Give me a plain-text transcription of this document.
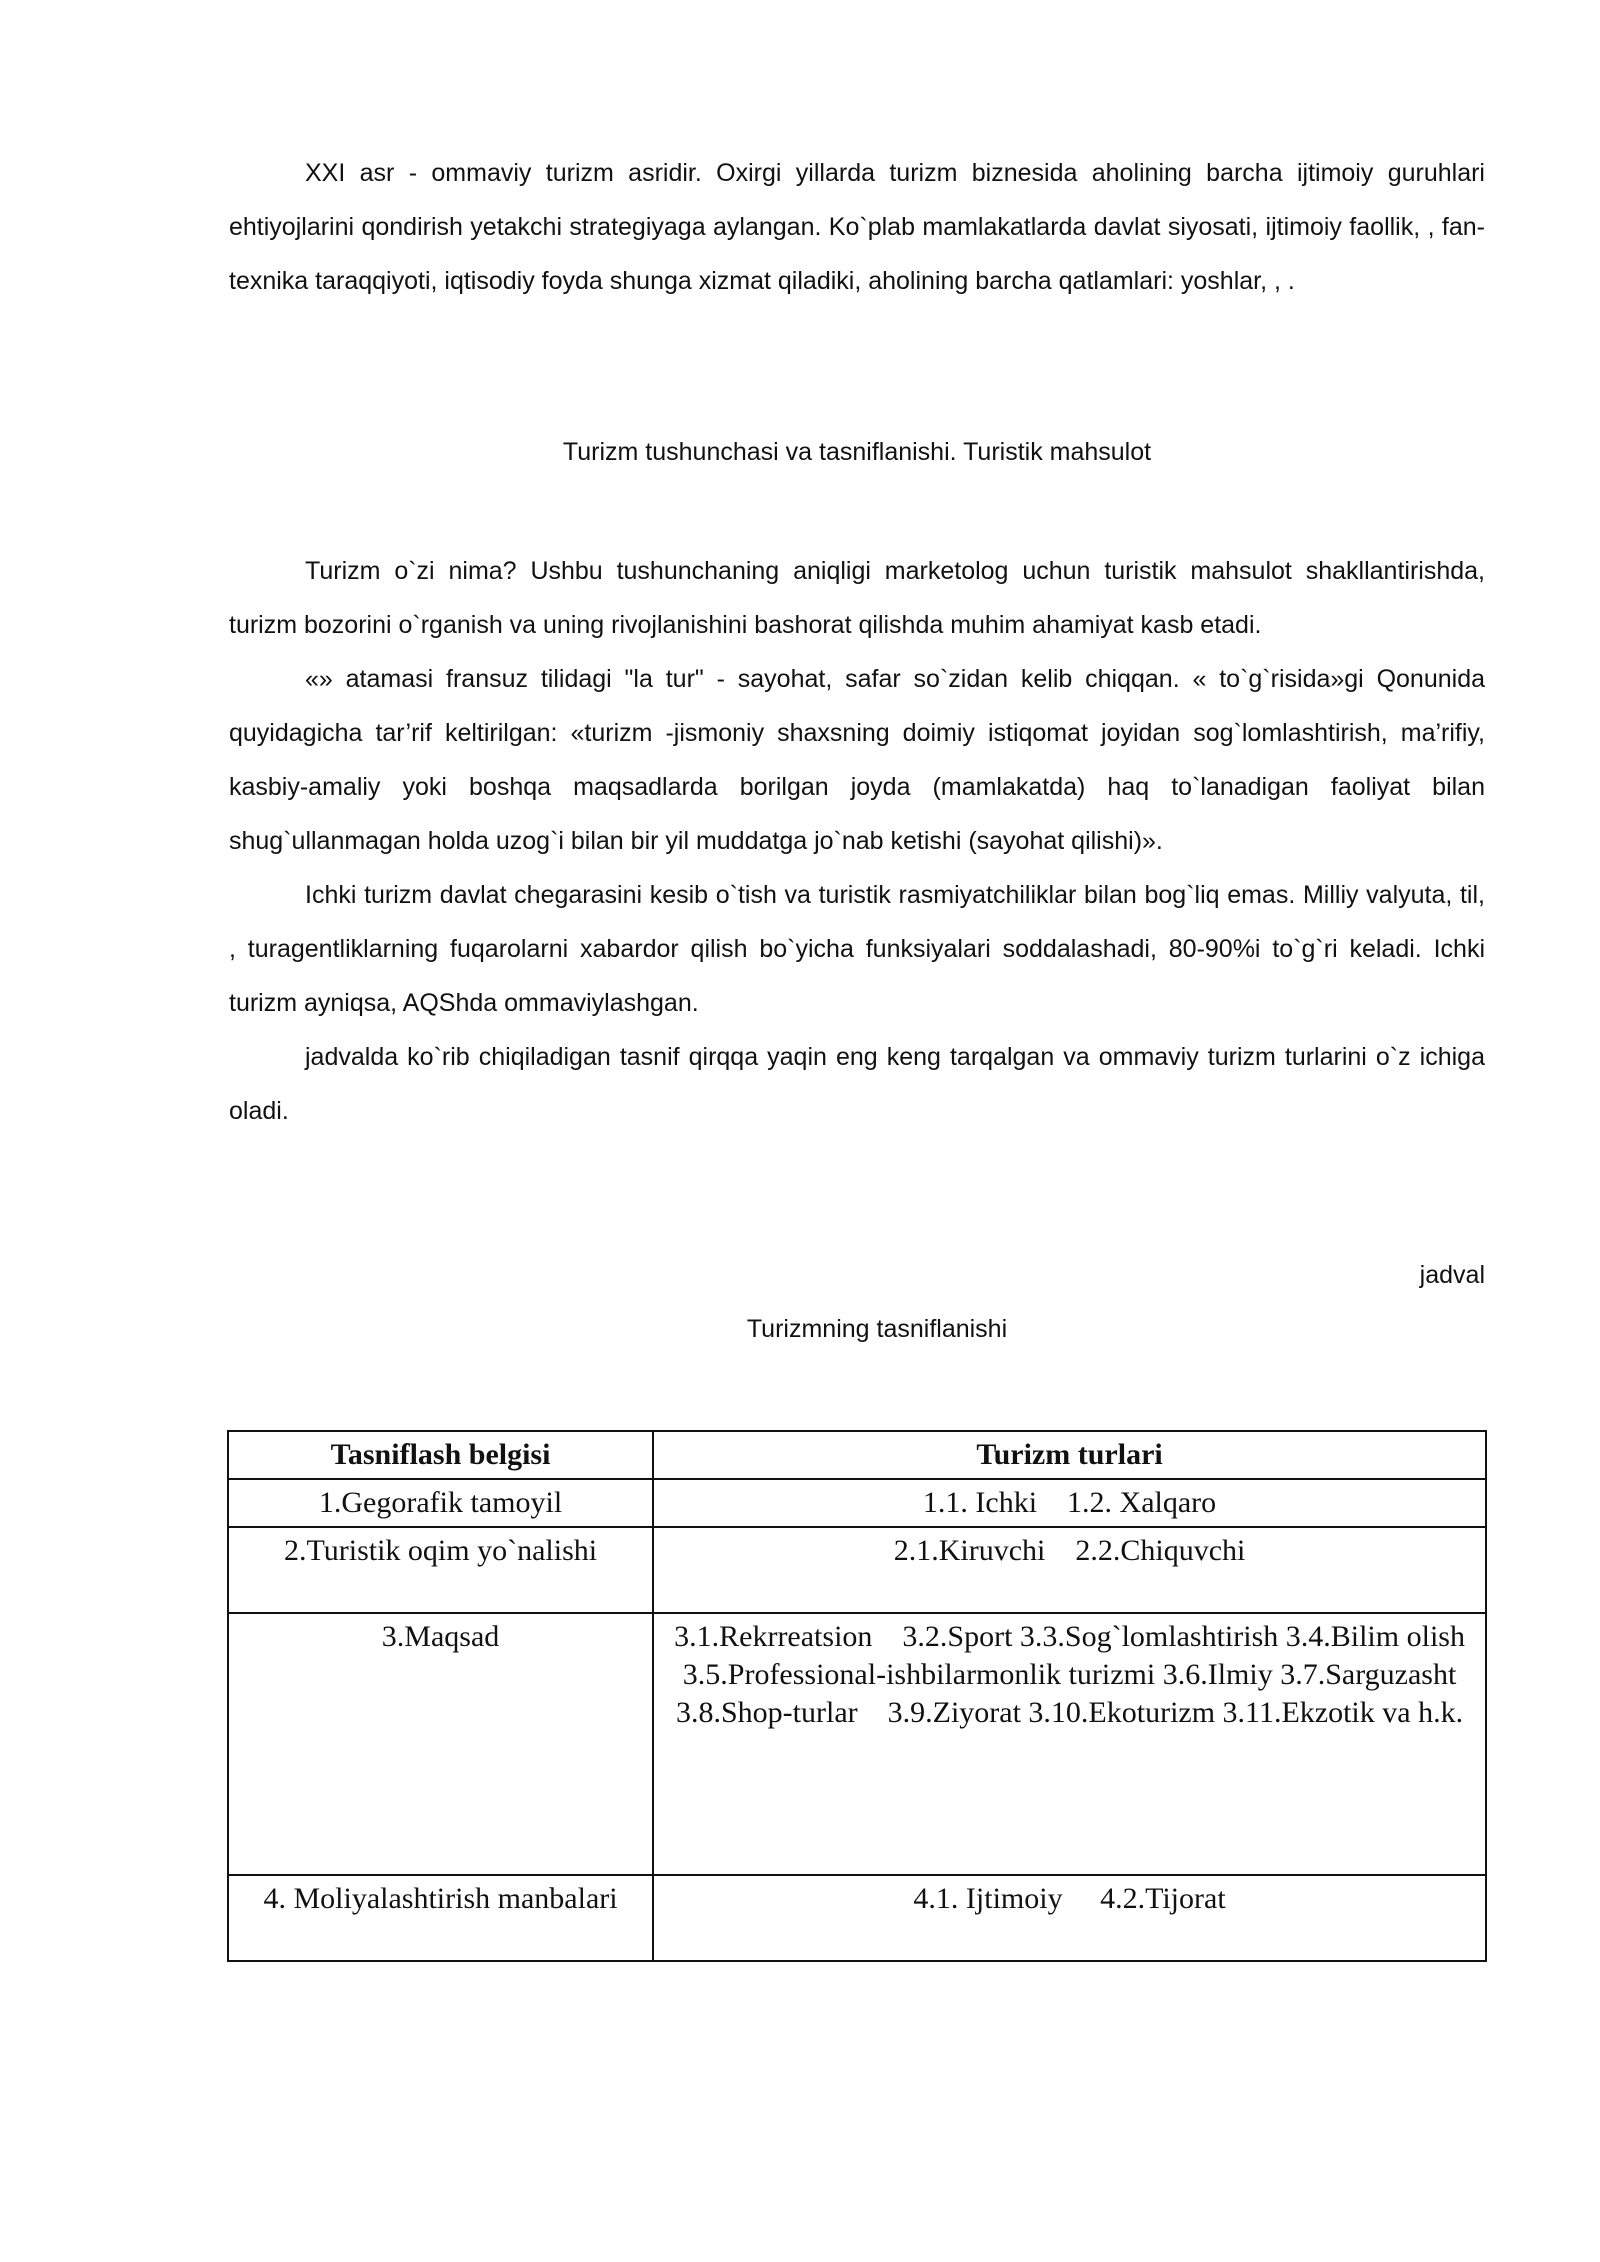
XXI asr - ommaviy turizm asridir. Oxirgi yillarda turizm biznesida aholining barcha ijtimoiy guruhlari ehtiyojlarini qondirish yetakchi strategiyaga aylangan. Ko`plab mamlakatlarda davlat siyosati, ijtimoiy faollik, , fan-texnika taraqqiyoti, iqtisodiy foyda shunga xizmat qiladiki, aholining barcha qatlamlari: yoshlar, , .

Turizm tushunchasi va tasniflanishi. Turistik mahsulot

Turizm o`zi nima? Ushbu tushunchaning aniqligi marketolog uchun turistik mahsulot shakllantirishda, turizm bozorini o`rganish va uning rivojlanishini bashorat qilishda muhim ahamiyat kasb etadi.

«» atamasi fransuz tilidagi "la tur" - sayohat, safar so`zidan kelib chiqqan. « to`g`risida»gi Qonunida quyidagicha tar’rif keltirilgan: «turizm -jismoniy shaxsning doimiy istiqomat joyidan sog`lomlashtirish, ma’rifiy, kasbiy-amaliy yoki boshqa maqsadlarda borilgan joyda (mamlakatda) haq to`lanadigan faoliyat bilan shug`ullanmagan holda uzog`i bilan bir yil muddatga jo`nab ketishi (sayohat qilishi)».

Ichki turizm davlat chegarasini kesib o`tish va turistik rasmiyatchiliklar bilan bog`liq emas. Milliy valyuta, til, , turagentliklarning fuqarolarni xabardor qilish bo`yicha funksiyalari soddalashadi, 80-90%i to`g`ri keladi. Ichki turizm ayniqsa, AQShda ommaviylashgan.

jadvalda ko`rib chiqiladigan tasnif qirqqa yaqin eng keng tarqalgan va ommaviy turizm turlarini o`z ichiga oladi.

jadval

Turizmning tasniflanishi

Tasniflash belgisi	Turizm turlari
1.Gegorafik tamoyil	1.1. Ichki    1.2. Xalqaro
2.Turistik oqim yo`nalishi	2.1.Kiruvchi    2.2.Chiquvchi
3.Maqsad	3.1.Rekrreatsion    3.2.Sport 3.3.Sog`lomlashtirish 3.4.Bilim olish 3.5.Professional-ishbilarmonlik turizmi 3.6.Ilmiy 3.7.Sarguzasht 3.8.Shop-turlar    3.9.Ziyorat 3.10.Ekoturizm 3.11.Ekzotik va h.k.
4. Moliyalashtirish manbalari	4.1. Ijtimoiy     4.2.Tijorat
